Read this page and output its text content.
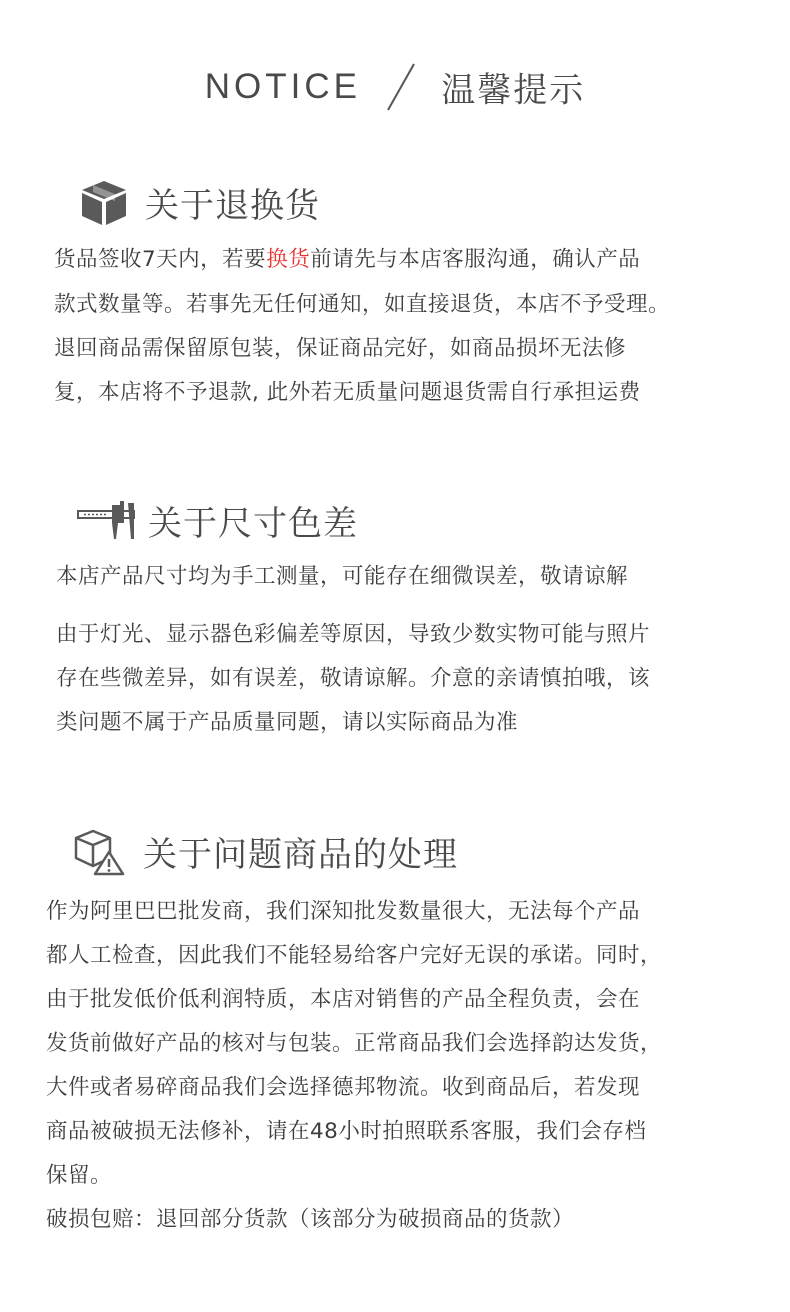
NOTICE 温馨提示
关于退换货

货品签收7天内，若要换货前请先与本店客服沟通，确认产品

款式数量等。若事先无任何通知，如直接退货，本店不予受理。

退回商品需保留原包装，保证商品完好，如商品损坏无法修

复，本店将不予退款, 此外若无质量问题退货需自行承担运费

关于尺寸色差

本店产品尺寸均为手工测量，可能存在细微误差，敬请谅解

由于灯光、显示器色彩偏差等原因，导致少数实物可能与照片

存在些微差异，如有误差，敬请谅解。介意的亲请慎拍哦，该

类问题不属于产品质量同题，请以实际商品为准

关于问题商品的处理

作为阿里巴巴批发商，我们深知批发数量很大，无法每个产品

都人工检查，因此我们不能轻易给客户完好无误的承诺。同时，

由于批发低价低利润特质，本店对销售的产品全程负责，会在

发货前做好产品的核对与包装。正常商品我们会选择韵达发货，

大件或者易碎商品我们会选择德邦物流。收到商品后，若发现

商品被破损无法修补，请在48小时拍照联系客服，我们会存档

保留。

破损包赔：退回部分货款（该部分为破损商品的货款）
